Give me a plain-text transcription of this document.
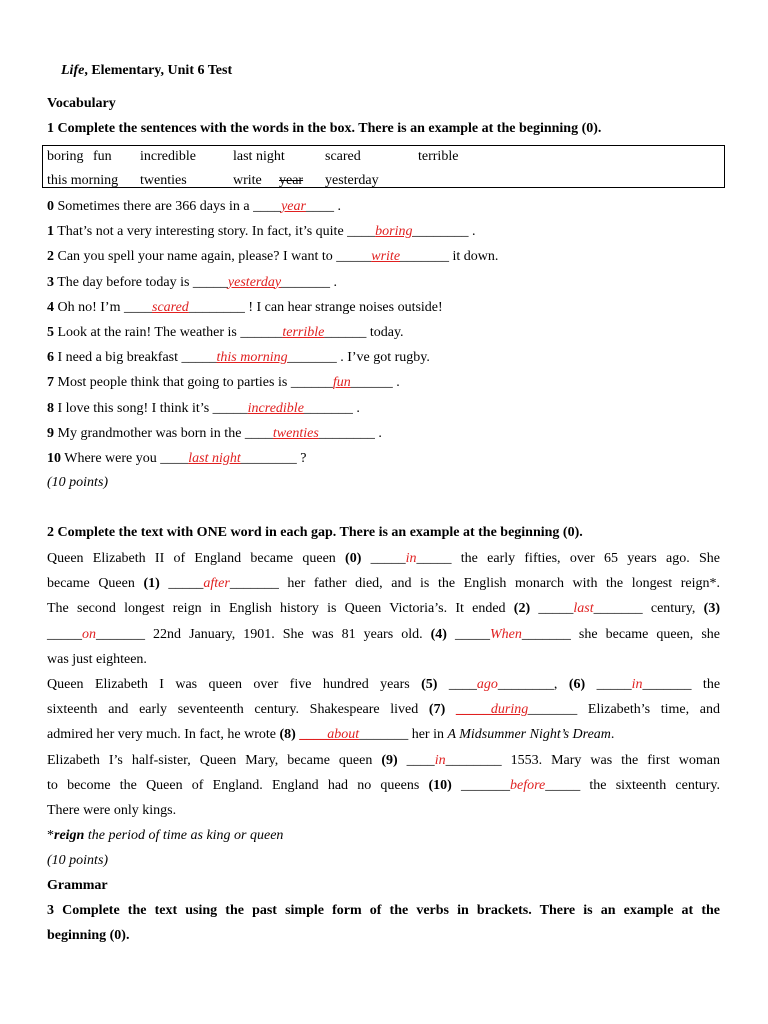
Life, Elementary, Unit 6 Test

Vocabulary
1 Complete the sentences with the words in the box. There is an example at the beginning (0).
boring fun incredible	last night	scared	terrible
this morning twenties	write year yesterday
0 Sometimes there are 366 days in a ____year____ .
1 That’s not a very interesting story. In fact, it’s quite ____boring________ .
2 Can you spell your name again, please? I want to _____write_______ it down.
3 The day before today is _____yesterday_______ .
4 Oh no! I’m ____scared________ ! I can hear strange noises outside!
5 Look at the rain! The weather is ______terrible______ today.
6 I need a big breakfast _____this morning_______ . I’ve got rugby.
7 Most people think that going to parties is ______fun______ .
8 I love this song! I think it’s _____incredible_______ .
9 My grandmother was born in the ____twenties________ .
10 Where were you ____last night________ ?
(10 points)
2 Complete the text with ONE word in each gap. There is an example at the beginning (0).
Queen Elizabeth II of England became queen (0) _____in_____ the early fifties, over 65 years ago. She
became Queen (1) _____after_______ her father died, and is the English monarch with the longest reign*.
The second longest reign in English history is Queen Victoria’s. It ended (2) _____last_______ century, (3)
_____on_______ 22nd January, 1901. She was 81 years old. (4) _____When_______ she became queen, she
was just eighteen.
Queen Elizabeth I was queen over five hundred years (5) ____ago________, (6) _____in_______ the
sixteenth and early seventeenth century. Shakespeare lived (7) _____during_______ Elizabeth’s time, and
admired her very much. In fact, he wrote (8) ____about_______ her in A Midsummer Night’s Dream.
Elizabeth I’s half-sister, Queen Mary, became queen (9) ____in________ 1553. Mary was the first woman
to become the Queen of England. England had no queens (10) _______before_____ the sixteenth century.
There were only kings.
*reign the period of time as king or queen
(10 points)
Grammar
3 Complete the text using the past simple form of the verbs in brackets. There is an example at the
beginning (0).
